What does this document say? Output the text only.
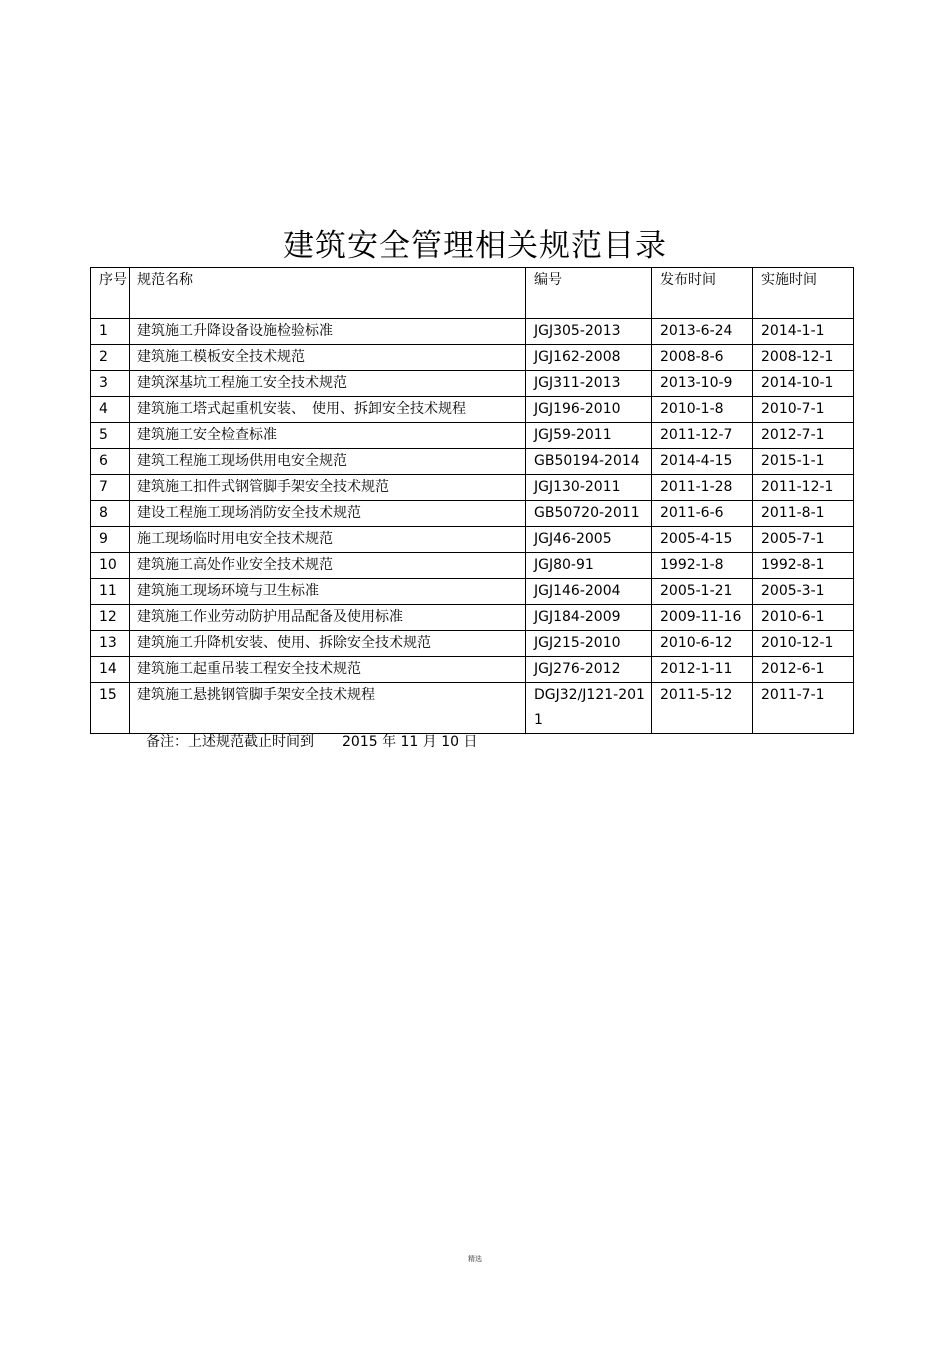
建筑安全管理相关规范目录
序号	规范名称	编号	发布时间	实施时间
1	建筑施工升降设备设施检验标准	JGJ305-2013	2013-6-24	2014-1-1
2	建筑施工模板安全技术规范	JGJ162-2008	2008-8-6	2008-12-1
3	建筑深基坑工程施工安全技术规范	JGJ311-2013	2013-10-9	2014-10-1
4	建筑施工塔式起重机安装、　使用、拆卸安全技术规程	JGJ196-2010	2010-1-8	2010-7-1
5	建筑施工安全检查标准	JGJ59-2011	2011-12-7	2012-7-1
6	建筑工程施工现场供用电安全规范	GB50194-2014	2014-4-15	2015-1-1
7	建筑施工扣件式钢管脚手架安全技术规范	JGJ130-2011	2011-1-28	2011-12-1
8	建设工程施工现场消防安全技术规范	GB50720-2011	2011-6-6	2011-8-1
9	施工现场临时用电安全技术规范	JGJ46-2005	2005-4-15	2005-7-1
10	建筑施工高处作业安全技术规范	JGJ80-91	1992-1-8	1992-8-1
11	建筑施工现场环境与卫生标准	JGJ146-2004	2005-1-21	2005-3-1
12	建筑施工作业劳动防护用品配备及使用标准	JGJ184-2009	2009-11-16	2010-6-1
13	建筑施工升降机安装、使用、拆除安全技术规范	JGJ215-2010	2010-6-12	2010-12-1
14	建筑施工起重吊装工程安全技术规范	JGJ276-2012	2012-1-11	2012-6-1
15	建筑施工悬挑钢管脚手架安全技术规程	DGJ32/J121-2011	2011-5-12	2011-7-1
备注：上述规范截止时间到　　2015 年 11 月 10 日
精选
